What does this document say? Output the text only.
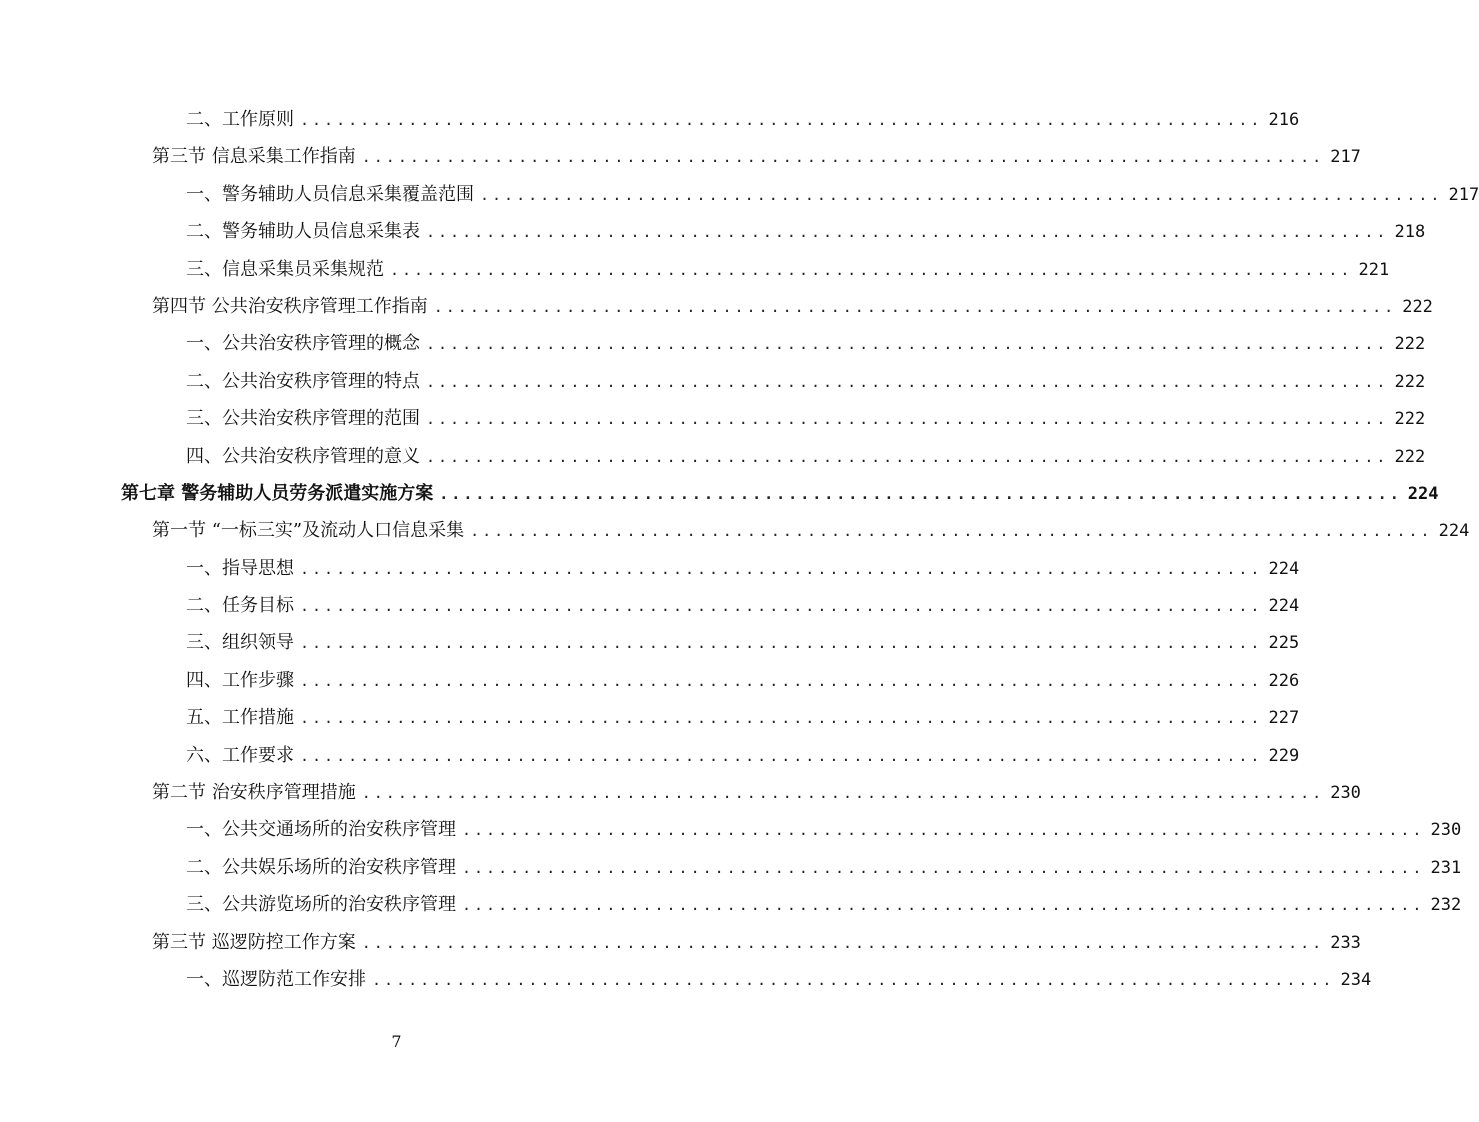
二、工作原则 ................................................................................ 216
第三节 信息采集工作指南 ................................................................................ 217
一、警务辅助人员信息采集覆盖范围 ................................................................................ 217
二、警务辅助人员信息采集表 ................................................................................ 218
三、信息采集员采集规范 ................................................................................ 221
第四节 公共治安秩序管理工作指南 ................................................................................ 222
一、公共治安秩序管理的概念 ................................................................................ 222
二、公共治安秩序管理的特点 ................................................................................ 222
三、公共治安秩序管理的范围 ................................................................................ 222
四、公共治安秩序管理的意义 ................................................................................ 222
第七章 警务辅助人员劳务派遣实施方案 ................................................................................ 224
第一节 “一标三实”及流动人口信息采集 ................................................................................ 224
一、指导思想 ................................................................................ 224
二、任务目标 ................................................................................ 224
三、组织领导 ................................................................................ 225
四、工作步骤 ................................................................................ 226
五、工作措施 ................................................................................ 227
六、工作要求 ................................................................................ 229
第二节 治安秩序管理措施 ................................................................................ 230
一、公共交通场所的治安秩序管理 ................................................................................ 230
二、公共娱乐场所的治安秩序管理 ................................................................................ 231
三、公共游览场所的治安秩序管理 ................................................................................ 232
第三节 巡逻防控工作方案 ................................................................................ 233
一、巡逻防范工作安排 ................................................................................ 234
7
